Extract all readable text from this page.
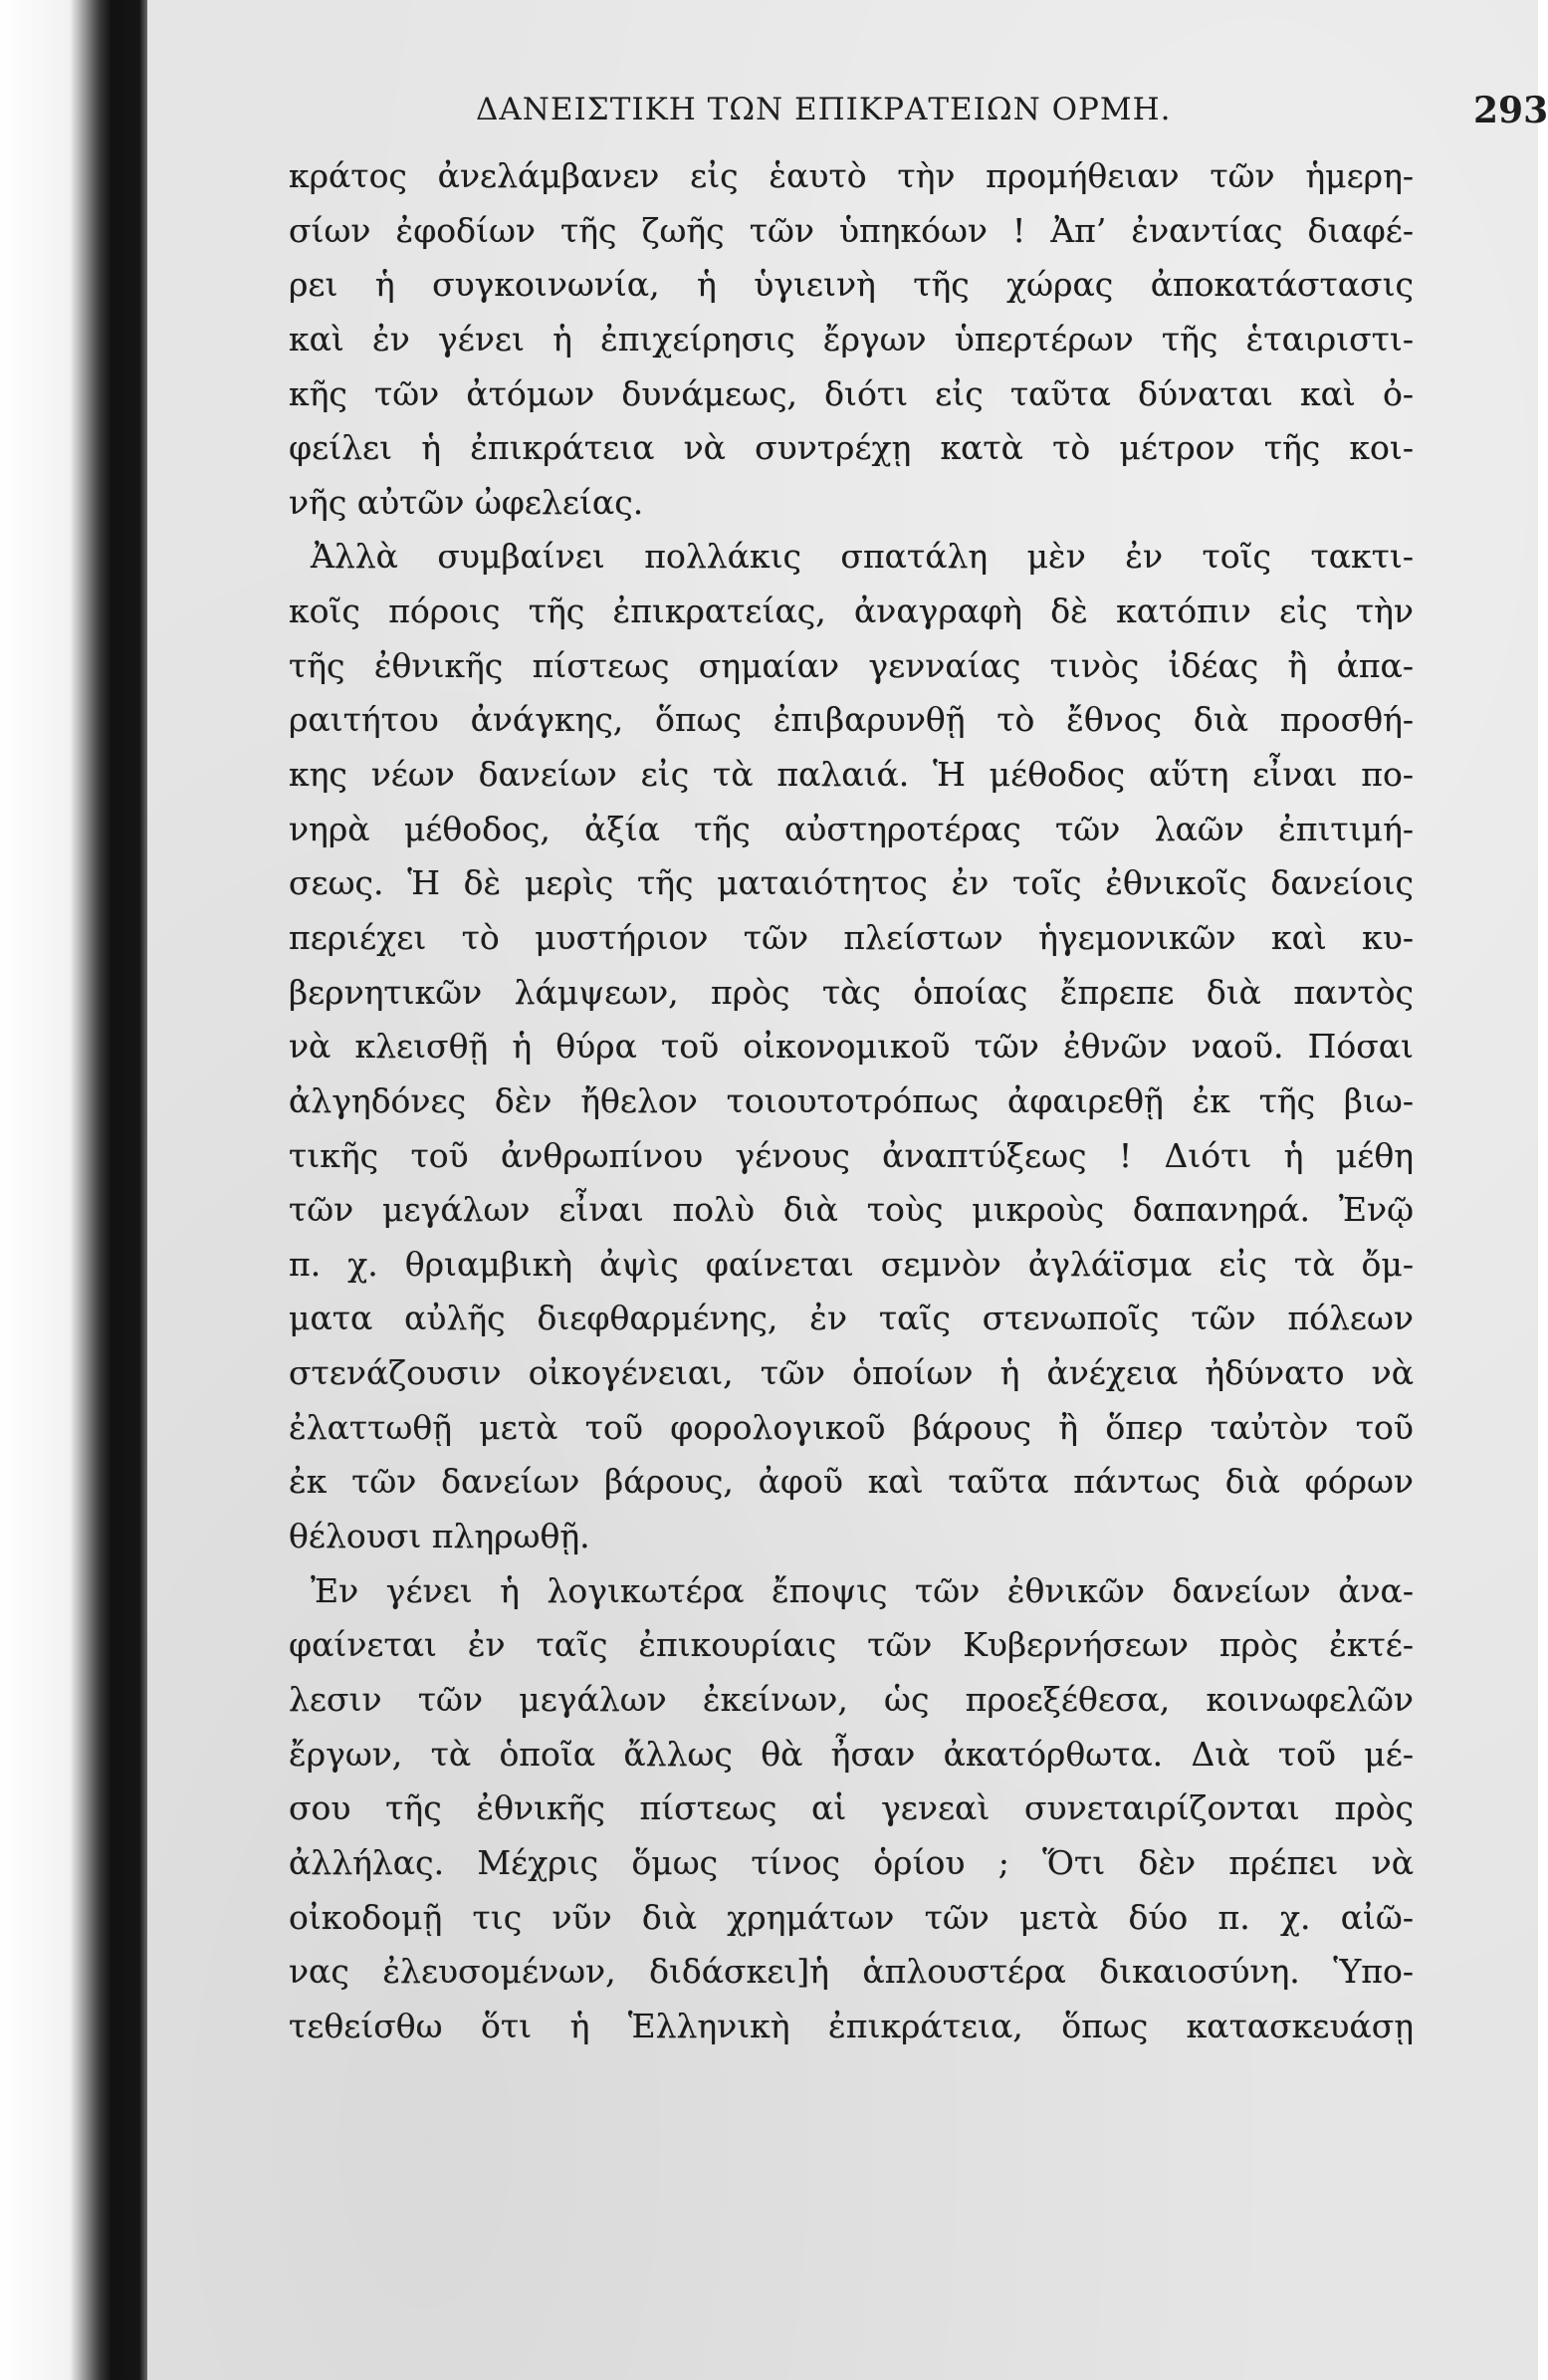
ΔΑΝΕΙΣΤΙΚΗ ΤΩΝ ΕΠΙΚΡΑΤΕΙΩΝ ΟΡΜΗ.	293
κράτος ἀνελάμβανεν εἰς ἑαυτὸ τὴν προμήθειαν τῶν ἡμερη-
σίων ἐφοδίων τῆς ζωῆς τῶν ὑπηκόων ! Ἀπ’ ἐναντίας διαφέ-
ρει ἡ συγκοινωνία, ἡ ὑγιεινὴ τῆς χώρας ἀποκατάστασις
καὶ ἐν γένει ἡ ἐπιχείρησις ἔργων ὑπερτέρων τῆς ἑταιριστι-
κῆς τῶν ἀτόμων δυνάμεως, διότι εἰς ταῦτα δύναται καὶ ὀ-
φείλει ἡ ἐπικράτεια νὰ συντρέχῃ κατὰ τὸ μέτρον τῆς κοι-
νῆς αὐτῶν ὠφελείας.
Ἀλλὰ συμβαίνει πολλάκις σπατάλη μὲν ἐν τοῖς τακτι-
κοῖς πόροις τῆς ἐπικρατείας, ἀναγραφὴ δὲ κατόπιν εἰς τὴν
τῆς ἐθνικῆς πίστεως σημαίαν γενναίας τινὸς ἰδέας ἢ ἀπα-
ραιτήτου ἀνάγκης, ὅπως ἐπιβαρυνθῇ τὸ ἔθνος διὰ προσθή-
κης νέων δανείων εἰς τὰ παλαιά. Ἡ μέθοδος αὕτη εἶναι πο-
νηρὰ μέθοδος, ἀξία τῆς αὐστηροτέρας τῶν λαῶν ἐπιτιμή-
σεως. Ἡ δὲ μερὶς τῆς ματαιότητος ἐν τοῖς ἐθνικοῖς δανείοις
περιέχει τὸ μυστήριον τῶν πλείστων ἡγεμονικῶν καὶ κυ-
βερνητικῶν λάμψεων, πρὸς τὰς ὁποίας ἔπρεπε διὰ παντὸς
νὰ κλεισθῇ ἡ θύρα τοῦ οἰκονομικοῦ τῶν ἐθνῶν ναοῦ. Πόσαι
ἀλγηδόνες δὲν ἤθελον τοιουτοτρόπως ἀφαιρεθῇ ἐκ τῆς βιω-
τικῆς τοῦ ἀνθρωπίνου γένους ἀναπτύξεως ! Διότι ἡ μέθη
τῶν μεγάλων εἶναι πολὺ διὰ τοὺς μικροὺς δαπανηρά. Ἐνῷ
π. χ. θριαμβικὴ ἀψὶς φαίνεται σεμνὸν ἀγλάϊσμα εἰς τὰ ὄμ-
ματα αὐλῆς διεφθαρμένης, ἐν ταῖς στενωποῖς τῶν πόλεων
στενάζουσιν οἰκογένειαι, τῶν ὁποίων ἡ ἀνέχεια ἠδύνατο νὰ
ἐλαττωθῇ μετὰ τοῦ φορολογικοῦ βάρους ἢ ὅπερ ταὐτὸν τοῦ
ἐκ τῶν δανείων βάρους, ἀφοῦ καὶ ταῦτα πάντως διὰ φόρων
θέλουσι πληρωθῇ.
Ἐν γένει ἡ λογικωτέρα ἔποψις τῶν ἐθνικῶν δανείων ἀνα-
φαίνεται ἐν ταῖς ἐπικουρίαις τῶν Κυβερνήσεων πρὸς ἐκτέ-
λεσιν τῶν μεγάλων ἐκείνων, ὡς προεξέθεσα, κοινωφελῶν
ἔργων, τὰ ὁποῖα ἄλλως θὰ ἦσαν ἀκατόρθωτα. Διὰ τοῦ μέ-
σου τῆς ἐθνικῆς πίστεως αἱ γενεαὶ συνεταιρίζονται πρὸς
ἀλλήλας. Μέχρις ὅμως τίνος ὁρίου ; Ὅτι δὲν πρέπει νὰ
οἰκοδομῇ τις νῦν διὰ χρημάτων τῶν μετὰ δύο π. χ. αἰῶ-
νας ἐλευσομένων, διδάσκει]ἡ ἁπλουστέρα δικαιοσύνη. Ὑπο-
τεθείσθω ὅτι ἡ Ἑλληνικὴ ἐπικράτεια, ὅπως κατασκευάσῃ
